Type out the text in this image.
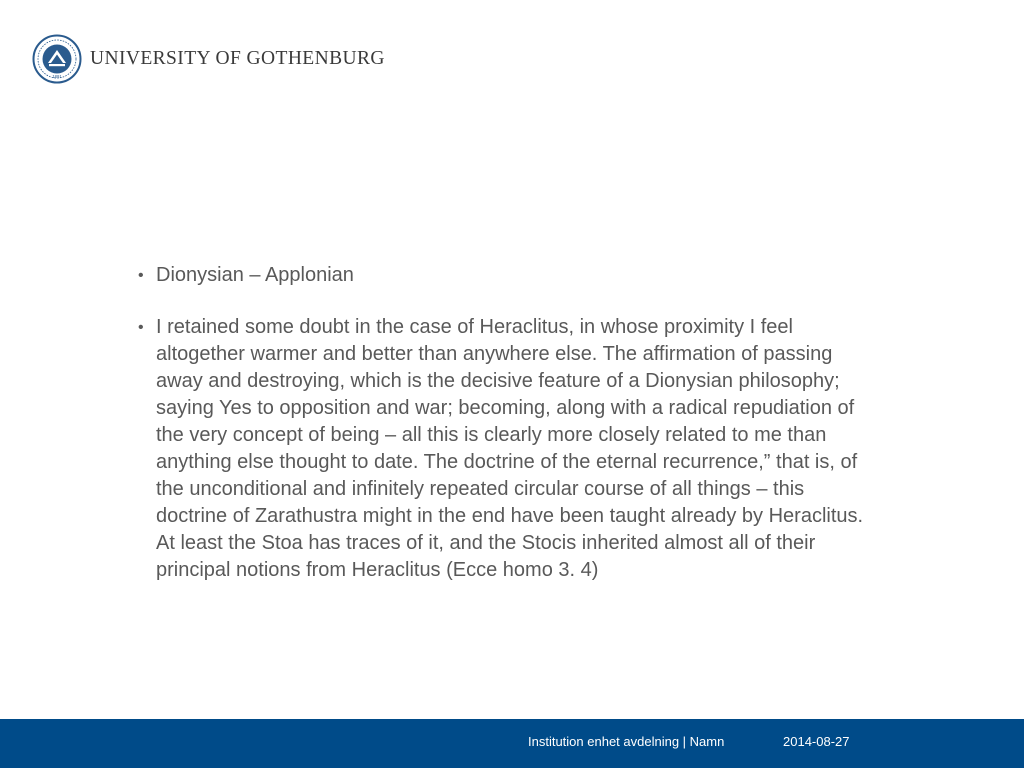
1891
UNIVERSITY OF GOTHENBURG
• Dionysian – Applonian
• I retained some doubt in the case of Heraclitus, in whose proximity I feel altogether warmer and better than anywhere else. The affirmation of passing away and destroying, which is the decisive feature of a Dionysian philosophy; saying Yes to opposition and war; becoming, along with a radical repudiation of the very concept of being – all this is clearly more closely related to me than anything else thought to date. The doctrine of the eternal recurrence,” that is, of the unconditional and infinitely repeated circular course of all things – this doctrine of Zarathustra might in the end have been taught already by Heraclitus. At least the Stoa has traces of it, and the Stocis inherited almost all of their principal notions from Heraclitus (Ecce homo 3. 4)
Institution enhet avdelning | Namn	2014-08-27
